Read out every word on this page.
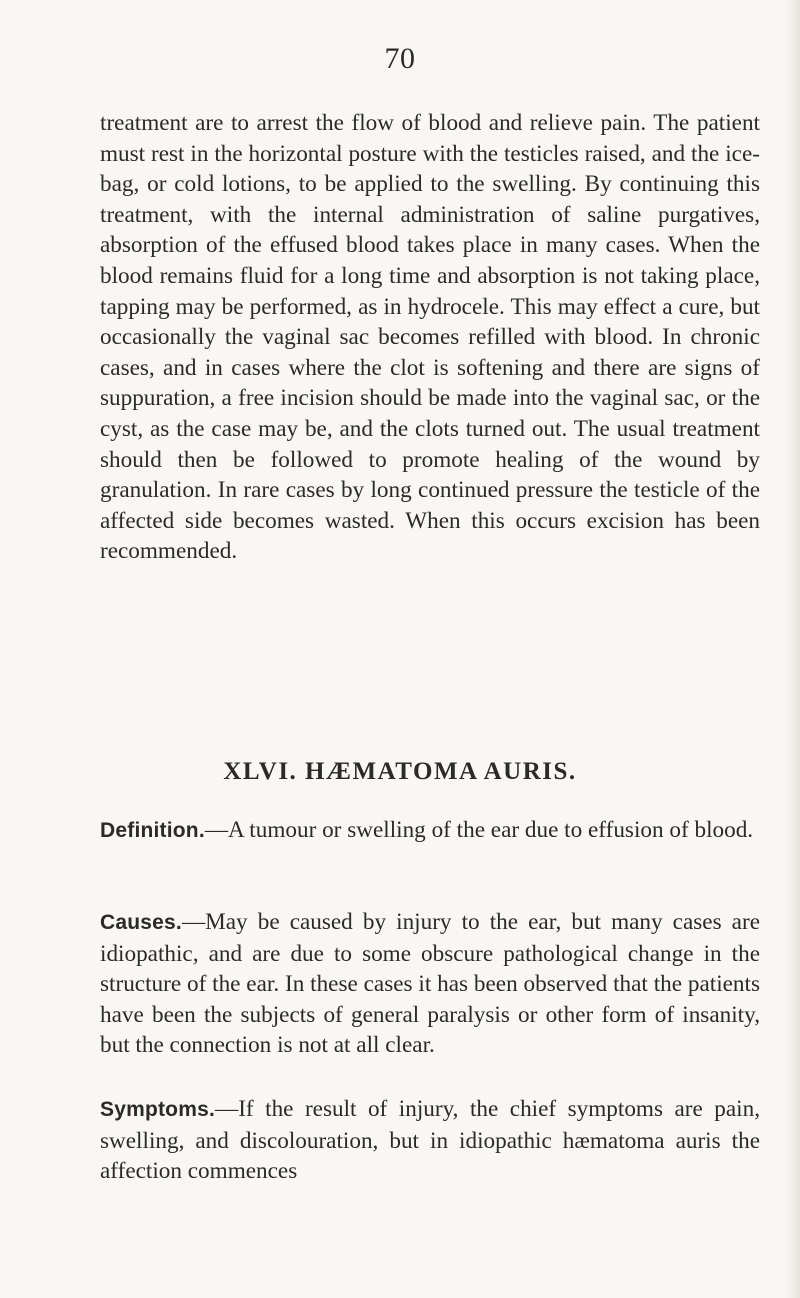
70

treatment are to arrest the flow of blood and relieve pain. The patient must rest in the horizontal posture with the testicles raised, and the ice-bag, or cold lotions, to be applied to the swelling. By continuing this treatment, with the internal administration of saline purgatives, absorption of the effused blood takes place in many cases. When the blood remains fluid for a long time and absorption is not taking place, tapping may be performed, as in hydrocele. This may effect a cure, but occasionally the vaginal sac becomes refilled with blood. In chronic cases, and in cases where the clot is softening and there are signs of suppuration, a free incision should be made into the vaginal sac, or the cyst, as the case may be, and the clots turned out. The usual treatment should then be followed to promote healing of the wound by granulation. In rare cases by long continued pressure the testicle of the affected side becomes wasted. When this occurs excision has been recommended.

XLVI. HÆMATOMA AURIS.

Definition.—A tumour or swelling of the ear due to effusion of blood.

Causes.—May be caused by injury to the ear, but many cases are idiopathic, and are due to some obscure pathological change in the structure of the ear. In these cases it has been observed that the patients have been the subjects of general paralysis or other form of insanity, but the connection is not at all clear.

Symptoms.—If the result of injury, the chief symptoms are pain, swelling, and discolouration, but in idiopathic hæmatoma auris the affection commences
